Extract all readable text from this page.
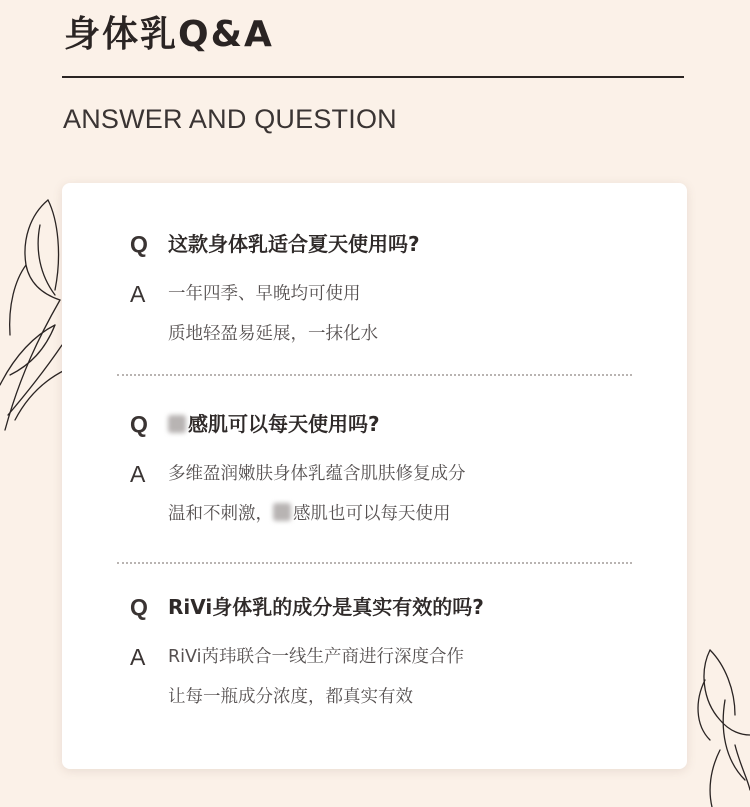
身体乳Q&A
ANSWER AND QUESTION
Q	这款身体乳适合夏天使用吗?
A	一年四季、早晚均可使用
质地轻盈易延展，一抹化水
Q	感肌可以每天使用吗?
A	多维盈润嫩肤身体乳蕴含肌肤修复成分
温和不刺激， 感肌也可以每天使用
Q	RiVi身体乳的成分是真实有效的吗?
A	RiVi芮玮联合一线生产商进行深度合作
让每一瓶成分浓度，都真实有效
